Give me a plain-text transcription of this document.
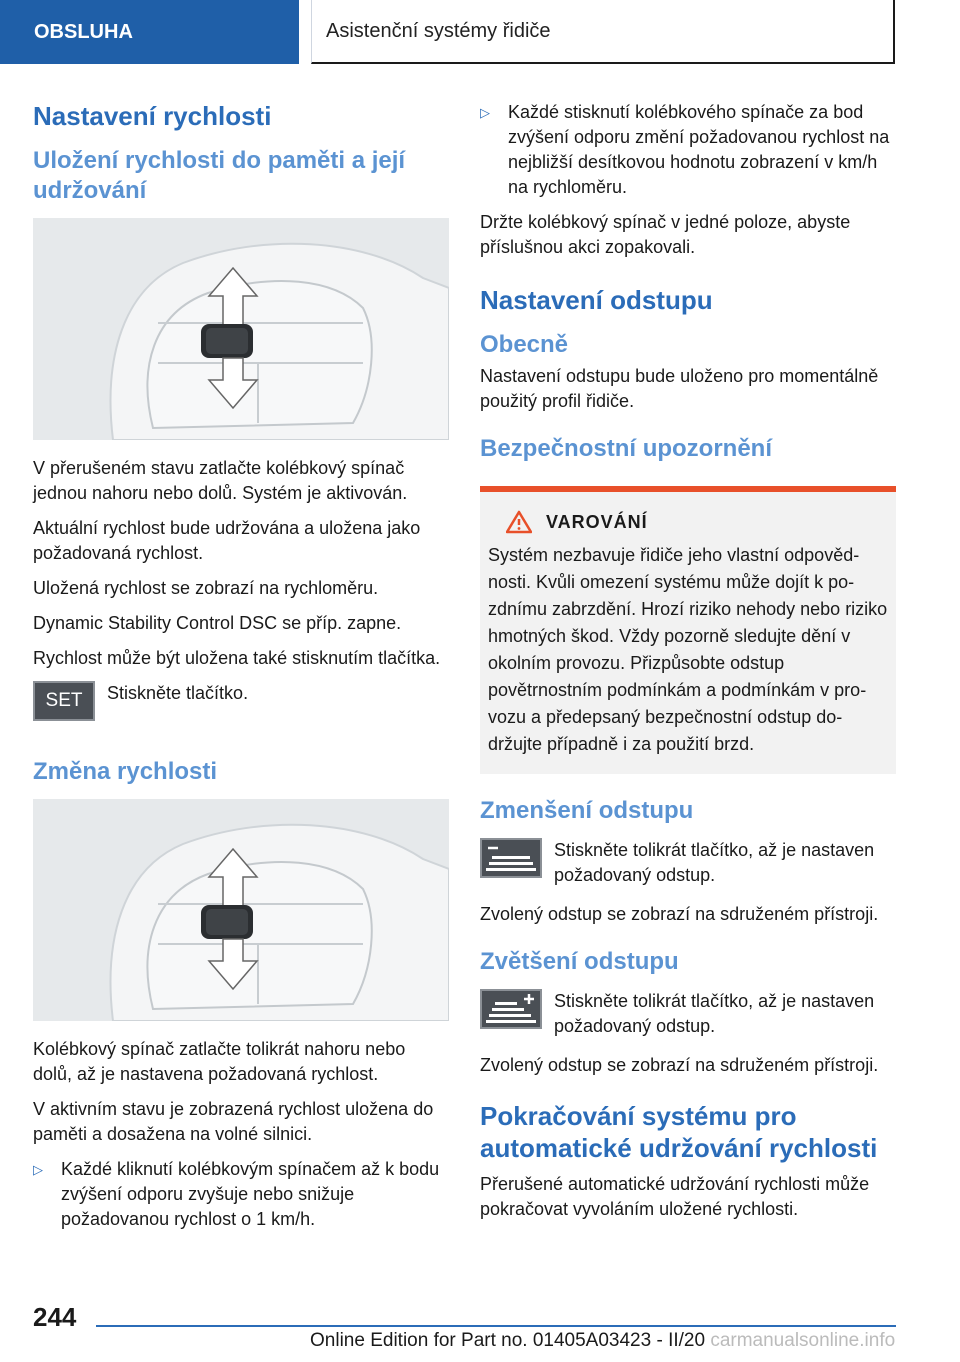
OBSLUHA	Asistenční systémy řidiče
Nastavení rychlosti
Uložení rychlosti do paměti a její udržování
V přerušeném stavu zatlačte kolébkový spínač jednou nahoru nebo dolů. Systém je aktivován.
Aktuální rychlost bude udržována a uložena jako požadovaná rychlost.
Uložená rychlost se zobrazí na rychloměru.
Dynamic Stability Control DSC se příp. zapne.
Rychlost může být uložena také stisknutím tlačítka.
SET	Stiskněte tlačítko.
Změna rychlosti
Kolébkový spínač zatlačte tolikrát nahoru nebo dolů, až je nastavena požadovaná rychlost.
V aktivním stavu je zobrazená rychlost uložena do paměti a dosažena na volné silnici.
▷	Každé kliknutí kolébkovým spínačem až k bodu zvýšení odporu zvyšuje nebo snižuje požadovanou rychlost o 1 km/h.
▷	Každé stisknutí kolébkového spínače za bod zvýšení odporu změní požadovanou rychlost na nejbližší desítkovou hodnotu zobrazení v km/h na rychloměru.
Držte kolébkový spínač v jedné poloze, abyste příslušnou akci zopakovali.
Nastavení odstupu
Obecně
Nastavení odstupu bude uloženo pro momentálně použitý profil řidiče.
Bezpečnostní upozornění
VAROVÁNÍ
Systém nezbavuje řidiče jeho vlastní odpovědnosti. Kvůli omezení systému může dojít k pozdnímu zabrzdění. Hrozí riziko nehody nebo riziko hmotných škod. Vždy pozorně sledujte dění v okolním provozu. Přizpůsobte odstup povětrnostním podmínkám a podmínkám v provozu a předepsaný bezpečnostní odstup dodržujte případně i za použití brzd.
Zmenšení odstupu
Stiskněte tolikrát tlačítko, až je nastaven požadovaný odstup.
Zvolený odstup se zobrazí na sdruženém přístroji.
Zvětšení odstupu
Stiskněte tolikrát tlačítko, až je nastaven požadovaný odstup.
Zvolený odstup se zobrazí na sdruženém přístroji.
Pokračování systému pro automatické udržování rychlosti
Přerušené automatické udržování rychlosti může pokračovat vyvoláním uložené rychlosti.
244
Online Edition for Part no. 01405A03423 - II/20 carmanualsonline.info
